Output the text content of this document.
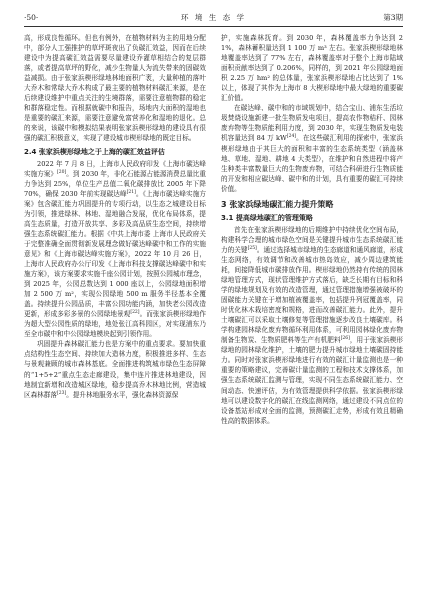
·50·	环 境 生 态 学	第3期

高，形成良性循环。但也有例外，在植物材料为主的用地分配中，部分人工强推护的草坪斑夜出了负碳汇效益，因而在后续建设中为提高碳汇效益需要尽量建设乔灌草相结合的复层群落，或者提高草坪的野化，减少生物量人为流失带来的固碳效益减损。由于张家浜楔形绿地林地面积广袤，大量种植的落叶大乔木和常绿大乔木构成了最主要的植物材料碳汇来源，是在后续建设维护中重点关注的生境群落，需要注意植物群的稳定和群落稳定性。而根据就碳中和报告，场地内大面积的湿地也是重要的碳汇来源，需要注意避免富营养化和湿地的退化。总的来说，该碳中和模拟结果表明张家浜楔形绿地的建设具有很强的碳汇积极意义，实现了建设城市楔形绿地的既定目标。

2.4 张家浜楔形绿地之于上海的碳汇效益评估

2022 年 7 月 8 日，上海市人民政府印发《上海市碳达峰实施方案》[20]。到 2030 年，非化石能源占能源消费总量比重力争达到 25%，单位生产总值二氧化碳排放比 2005 年下降 70%，确保 2030 年前实现碳达峰[21]。《上海市碳达峰实施方案》包含碳汇能力巩固提升的专项行动，以生态之城建设目标为引领，推进绿林、林地、湿地融合发展，优化布局体系，提高生态质量，打造开放共享、多彩及高品质生态空间，持续增强生态系统碳汇能力。根据《中共上海市委 上海市人民政府关于完整准确全面贯彻新发展理念做好碳达峰碳中和工作的实施意见》和《上海市碳达峰实施方案》，2022 年 10 月 26 日，上海市人民政府办公厅印发《上海市科技支撑碳达峰碳中和实施方案》，该方案要求实施千座公园计划，按照公园城市理念，到 2025 年，公园总数达到 1 000 座以上，公园绿地面积增加 2 500 万 m²，实现公园绿地 500 m 服务半径基本全覆盖。持续提升公园品质，丰富公园功能内涵，加快老公园改造更新，形成多彩多景的公园绿地景观[22]。而张家浜楔形绿地作为超大型公园性质的绿地，地处张江高科园区，对实现浦东乃至全市碳中和中公园绿地模块起到引领作用。

巩固提升森林碳汇能力也是方案中的重点要求。要加快重点结构性生态空间、持续加大造林力度，积极推进多样、生态与景观兼顾的城市森林基底。全面推进构筑城市绿色生态屏障的“1+5+2”重点生态走廊建设，集中连片推进林地建设，因地制宜新增和改造城区绿地，稳步提高乔木林地比例，营造城区森林群落[23]。提升林地服务水平，强化森林资源保

护，实施森林抚育。到 2030 年，森林覆盖率力争达到 21%，森林蓄积量达到 1 100 万 m³ 左右。张家浜楔形绿地林地覆盖率达到了 77% 左右，森林覆盖率对于整个上海市陆域面积贡献率达到了 0.206%，同样的，到 2021 年公园绿地面积 2.25 万 hm² 的总体量，张家浜楔形绿地占比达到了 1% 以上，体现了其作为上海市 8 大楔形绿地中最大绿地的重要碳汇价值。

在碳达峰、碳中和的市域规划中，结合宝山、浦东生活垃圾焚烧设施新建一批生物质发电项目，提高农作物秸秆、园林废弃物等生物质能利用力度，到 2030 年，实现生物质发电装机容量达到 84 万 kW[24]。在这些碳汇利用的探索中，张家浜楔形绿地由于其巨大的面积和丰富的生态系统类型（涵盖林地、草地、湿地、耕地 4 大类型），在维护和自然进程中将产生种类丰富数量巨大的生物废弃物，可结合科研进行生物质能的开发和相应碳达峰、碳中和的计划，具有重要的碳汇可持续价值。

3 张家浜绿地碳汇能力提升策略
3.1 提高绿地碳汇的管理策略

首先在张家浜楔形绿地的后期维护中持续优化空间布局，构建科学合理的城市绿色空间是关键提升城市生态系统碳汇能力的关键[25]。通过选择城市绿地的生态廊道和通风廊道，形成生态网络，有效调节和改善城市热岛效应，减少周边建筑能耗，间接降低城市碳排放作用。楔形绿地仍然持有传统的园林绿地管理方式，现状管理维护方式落后，缺乏长期有目标和科学的绿地规划及有效的改造管理，通过管理措施增强被破坏的固碳能力关键在于增加植被覆盖率，包括提升列冠覆盖率，同时优化林木栽培密度和规格，进而改善碳汇能力。此外，提升土壤碳汇可以采取土壤修复等管理措施逐步改良土壤碳库。科学构建园林绿化废弃物循环利用体系，可利用园林绿化废弃物制备生物炭、生物质肥料等生产有机肥料[26]，用于张家浜楔形绿地的园林绿化维护，土壤的肥力提升城市绿地土壤碳固持能力。同时对张家浜楔形绿地进行有效的碳汇计量监测也是一种重要的策略建议，完善碳计量监测的工程和技术支撑体系，加强生态系统碳汇监测与管理，实现不同生态系统碳汇能力、空间动态、快速评估，为有效管理提供科学依据。张家浜楔形绿地可以建设数字化的碳汇在线监测网络，通过建设不同点位的设备基站形成对全面的监测，预测碳汇走势，形成有效且精确性高的数据体系。
